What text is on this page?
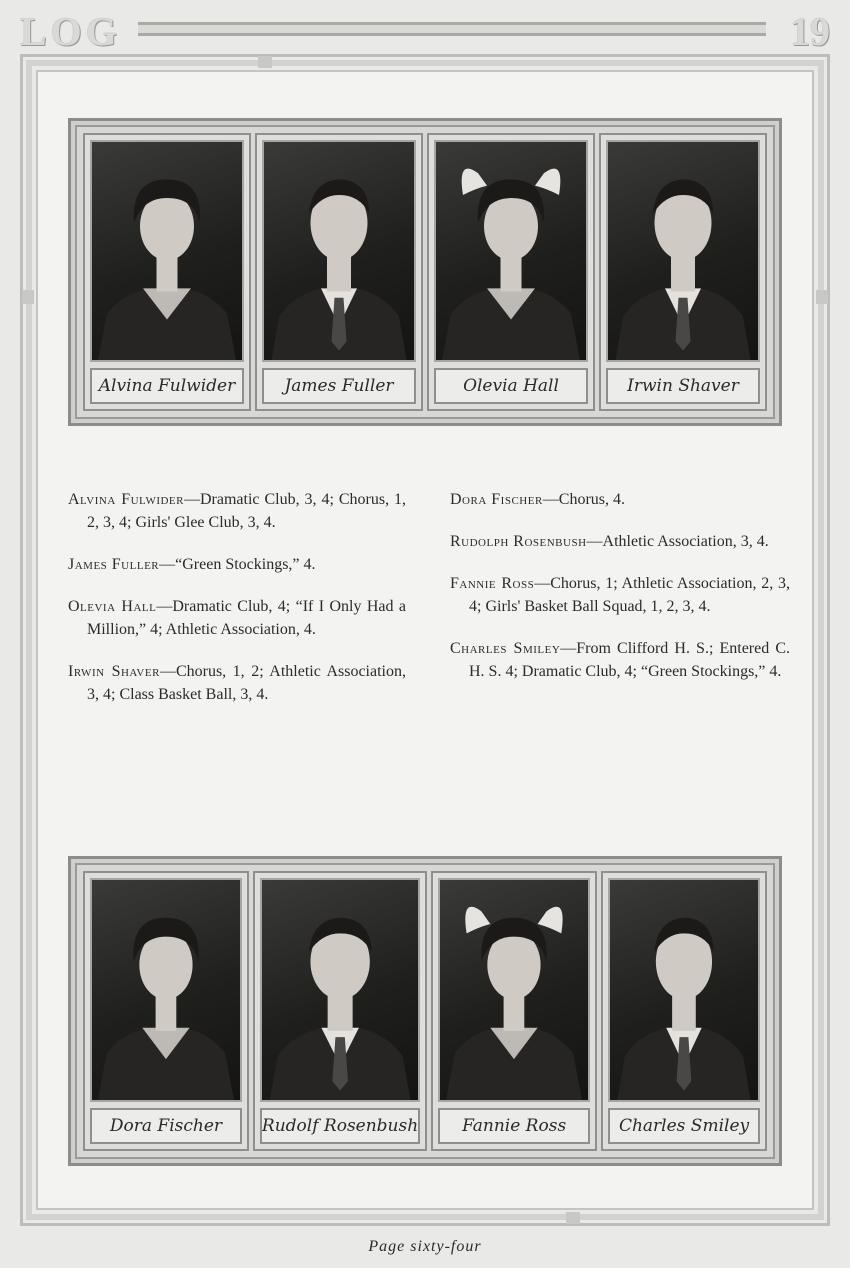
LOG	19
Alvina Fulwider	James Fuller	Olevia Hall	Irwin Shaver
Alvina Fulwider—Dramatic Club, 3, 4; Chorus, 1, 2, 3, 4; Girls' Glee Club, 3, 4.
James Fuller—“Green Stockings,” 4.
Olevia Hall—Dramatic Club, 4; “If I Only Had a Million,” 4; Athletic Association, 4.
Irwin Shaver—Chorus, 1, 2; Athletic Association, 3, 4; Class Basket Ball, 3, 4.
Dora Fischer—Chorus, 4.
Rudolph Rosenbush—Athletic Association, 3, 4.
Fannie Ross—Chorus, 1; Athletic Association, 2, 3, 4; Girls' Basket Ball Squad, 1, 2, 3, 4.
Charles Smiley—From Clifford H. S.; Entered C. H. S. 4; Dramatic Club, 4; “Green Stockings,” 4.
Dora Fischer	Rudolf Rosenbush	Fannie Ross	Charles Smiley
Page sixty-four
